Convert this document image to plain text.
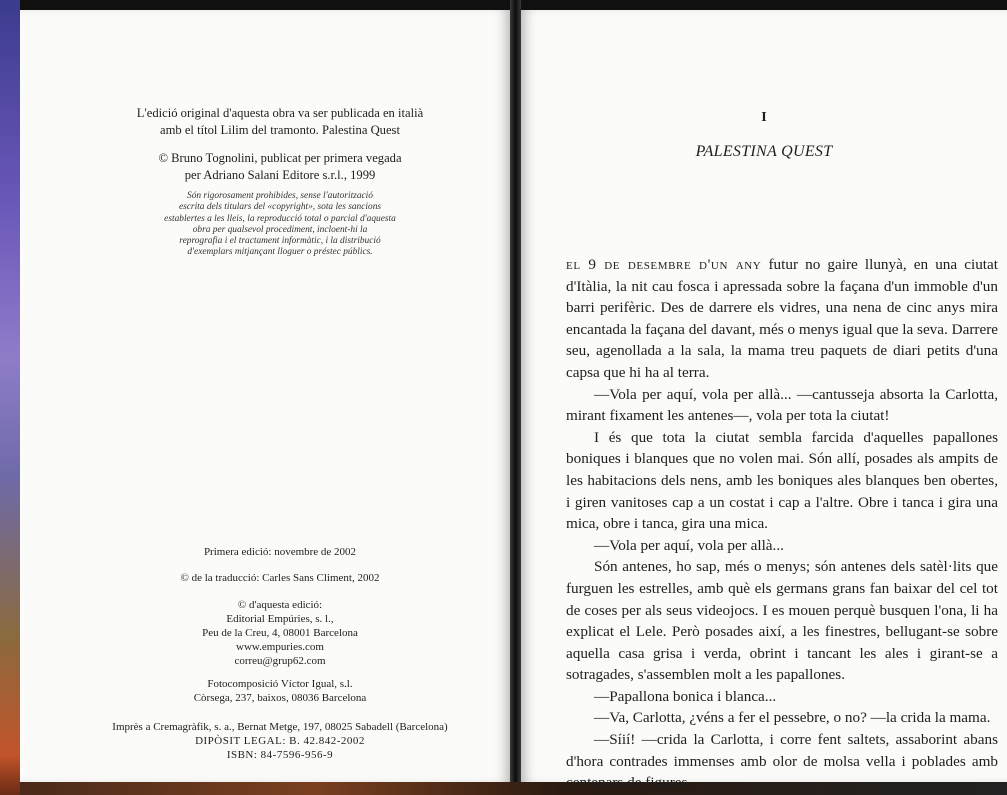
L'edició original d'aquesta obra va ser publicada en italià
amb el títol Lilim del tramonto. Palestina Quest
© Bruno Tognolini, publicat per primera vegada
per Adriano Salani Editore s.r.l., 1999
Són rigorosament prohibides, sense l'autorització
escrita dels titulars del «copyright», sota les sancions
establertes a les lleis, la reproducció total o parcial d'aquesta
obra per qualsevol procediment, incloent-hi la
reprografia i el tractament informàtic, i la distribució
d'exemplars mitjançant lloguer o préstec públics.
Primera edició: novembre de 2002
© de la traducció: Carles Sans Climent, 2002
© d'aquesta edició:
Editorial Empúries, s. l.,
Peu de la Creu, 4, 08001 Barcelona
www.empuries.com
correu@grup62.com
Fotocomposició Víctor Igual, s.l.
Còrsega, 237, baixos, 08036 Barcelona
Imprès a Cremagràfik, s. a., Bernat Metge, 197, 08025 Sabadell (Barcelona)
DIPÒSIT LEGAL: B. 42.842-2002
ISBN: 84-7596-956-9
I
PALESTINA QUEST

el 9 de desembre d'un any futur no gaire llunyà, en una ciutat d'Itàlia, la nit cau fosca i apressada sobre la façana d'un immoble d'un barri perifèric. Des de darrere els vidres, una nena de cinc anys mira encantada la façana del davant, més o menys igual que la seva. Darrere seu, agenollada a la sala, la mama treu paquets de diari petits d'una capsa que hi ha al terra.

—Vola per aquí, vola per allà... —cantusseja absorta la Carlotta, mirant fixament les antenes—, vola per tota la ciutat!

I és que tota la ciutat sembla farcida d'aquelles papallones boniques i blanques que no volen mai. Són allí, posades als ampits de les habitacions dels nens, amb les boniques ales blanques ben obertes, i giren vanitoses cap a un costat i cap a l'altre. Obre i tanca i gira una mica, obre i tanca, gira una mica.

—Vola per aquí, vola per allà...

Són antenes, ho sap, més o menys; són antenes dels satèl·lits que furguen les estrelles, amb què els germans grans fan baixar del cel tot de coses per als seus videojocs. I es mouen perquè busquen l'ona, li ha explicat el Lele. Però posades així, a les finestres, bellugant-se sobre aquella casa grisa i verda, obrint i tancant les ales i girant-se a sotragades, s'assemblen molt a les papallones.

—Papallona bonica i blanca...

—Va, Carlotta, ¿véns a fer el pessebre, o no? —la crida la mama.

—Síií! —crida la Carlotta, i corre fent saltets, assaborint abans d'hora contrades immenses amb olor de molsa vella i poblades amb centenars de figures.
